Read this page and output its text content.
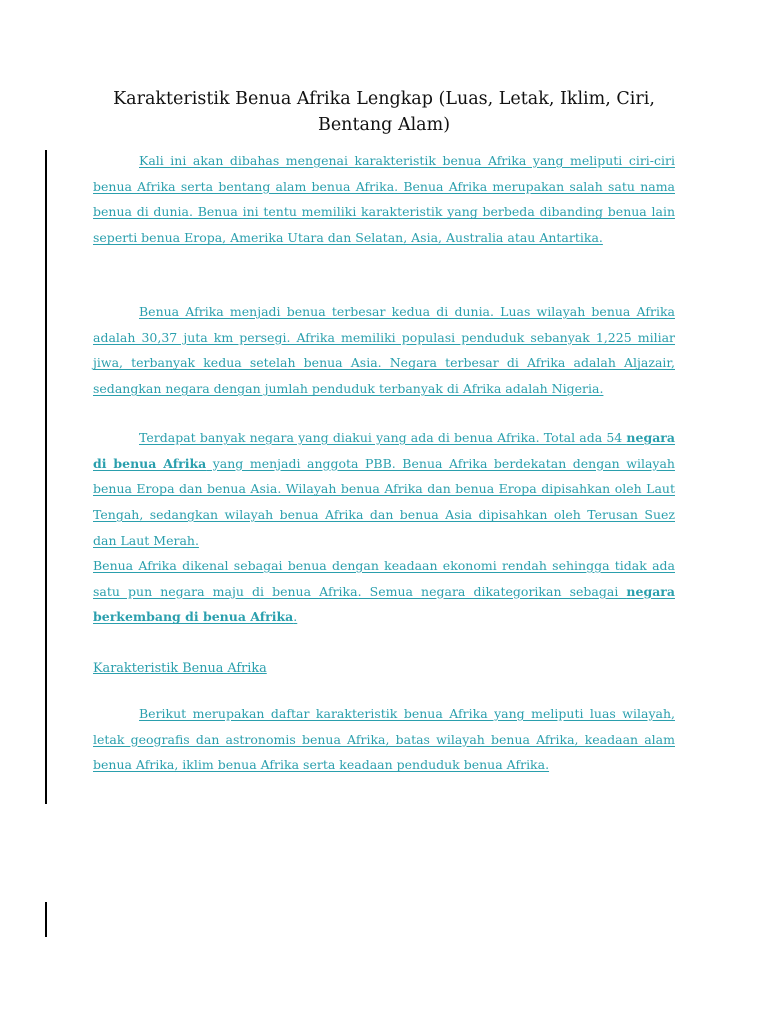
Karakteristik Benua Afrika Lengkap (Luas, Letak, Iklim, Ciri, Bentang Alam)

Kali ini akan dibahas mengenai karakteristik benua Afrika yang meliputi ciri-ciri benua Afrika serta bentang alam benua Afrika. Benua Afrika merupakan salah satu nama benua di dunia. Benua ini tentu memiliki karakteristik yang berbeda dibanding benua lain seperti benua Eropa, Amerika Utara dan Selatan, Asia, Australia atau Antartika.

Benua Afrika menjadi benua terbesar kedua di dunia. Luas wilayah benua Afrika adalah 30,37 juta km persegi. Afrika memiliki populasi penduduk sebanyak 1,225 miliar jiwa, terbanyak kedua setelah benua Asia. Negara terbesar di Afrika adalah Aljazair, sedangkan negara dengan jumlah penduduk terbanyak di Afrika adalah Nigeria.

Terdapat banyak negara yang diakui yang ada di benua Afrika. Total ada 54 negara di benua Afrika yang menjadi anggota PBB. Benua Afrika berdekatan dengan wilayah benua Eropa dan benua Asia. Wilayah benua Afrika dan benua Eropa dipisahkan oleh Laut Tengah, sedangkan wilayah benua Afrika dan benua Asia dipisahkan oleh Terusan Suez dan Laut Merah.

Benua Afrika dikenal sebagai benua dengan keadaan ekonomi rendah sehingga tidak ada satu pun negara maju di benua Afrika. Semua negara dikategorikan sebagai negara berkembang di benua Afrika.

Karakteristik Benua Afrika

Berikut merupakan daftar karakteristik benua Afrika yang meliputi luas wilayah, letak geografis dan astronomis benua Afrika, batas wilayah benua Afrika, keadaan alam benua Afrika, iklim benua Afrika serta keadaan penduduk benua Afrika.
